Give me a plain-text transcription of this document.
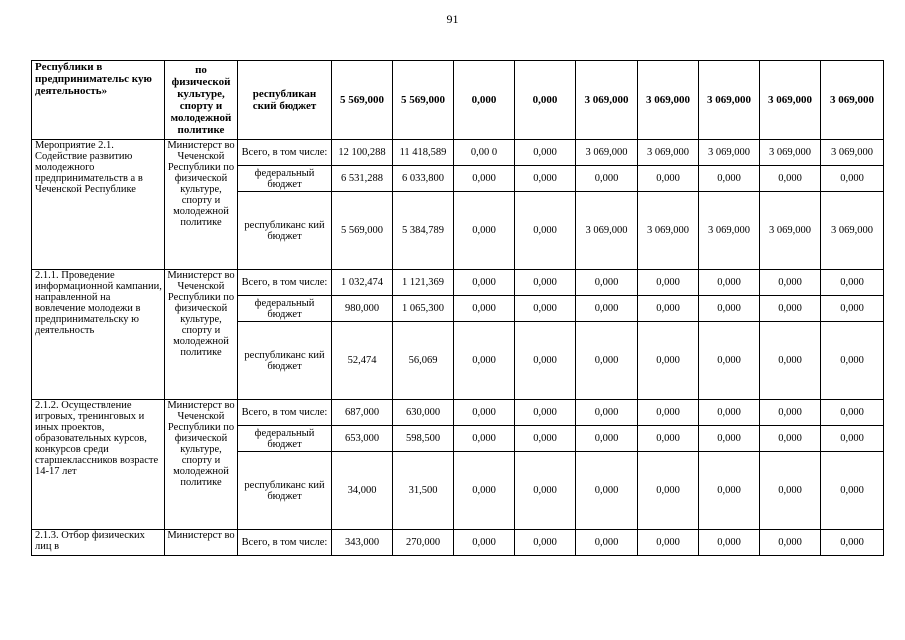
91
Республики в предпринимательс кую деятельность»	по физической культуре, спорту и молодежной политике	республикан ский бюджет	5 569,000	5 569,000	0,000	0,000	3 069,000	3 069,000	3 069,000	3 069,000	3 069,000
Мероприятие 2.1. Содействие развитию молодежного предпринимательств а в Чеченской Республике	Министерст во Чеченской Республики по физической культуре, спорту и молодежной политике	Всего, в том числе:	12 100,288	11 418,589	0,00 0	0,000	3 069,000	3 069,000	3 069,000	3 069,000	3 069,000
		федеральный бюджет	6 531,288	6 033,800	0,000	0,000	0,000	0,000	0,000	0,000	0,000
		республиканс кий бюджет	5 569,000	5 384,789	0,000	0,000	3 069,000	3 069,000	3 069,000	3 069,000	3 069,000
2.1.1. Проведение информационной кампании, направленной на вовлечение молодежи в предпринимательску ю деятельность	Министерст во Чеченской Республики по физической культуре, спорту и молодежной политике	Всего, в том числе:	1 032,474	1 121,369	0,000	0,000	0,000	0,000	0,000	0,000	0,000
		федеральный бюджет	980,000	1 065,300	0,000	0,000	0,000	0,000	0,000	0,000	0,000
		республиканс кий бюджет	52,474	56,069	0,000	0,000	0,000	0,000	0,000	0,000	0,000
2.1.2. Осуществление игровых, тренинговых и иных проектов, образовательных курсов, конкурсов среди старшеклассников возрасте 14-17 лет	Министерст во Чеченской Республики по физической культуре, спорту и молодежной политике	Всего, в том числе:	687,000	630,000	0,000	0,000	0,000	0,000	0,000	0,000	0,000
		федеральный бюджет	653,000	598,500	0,000	0,000	0,000	0,000	0,000	0,000	0,000
		республиканс кий бюджет	34,000	31,500	0,000	0,000	0,000	0,000	0,000	0,000	0,000
2.1.3. Отбор физических лиц в	Министерст во	Всего, в том числе:	343,000	270,000	0,000	0,000	0,000	0,000	0,000	0,000	0,000
